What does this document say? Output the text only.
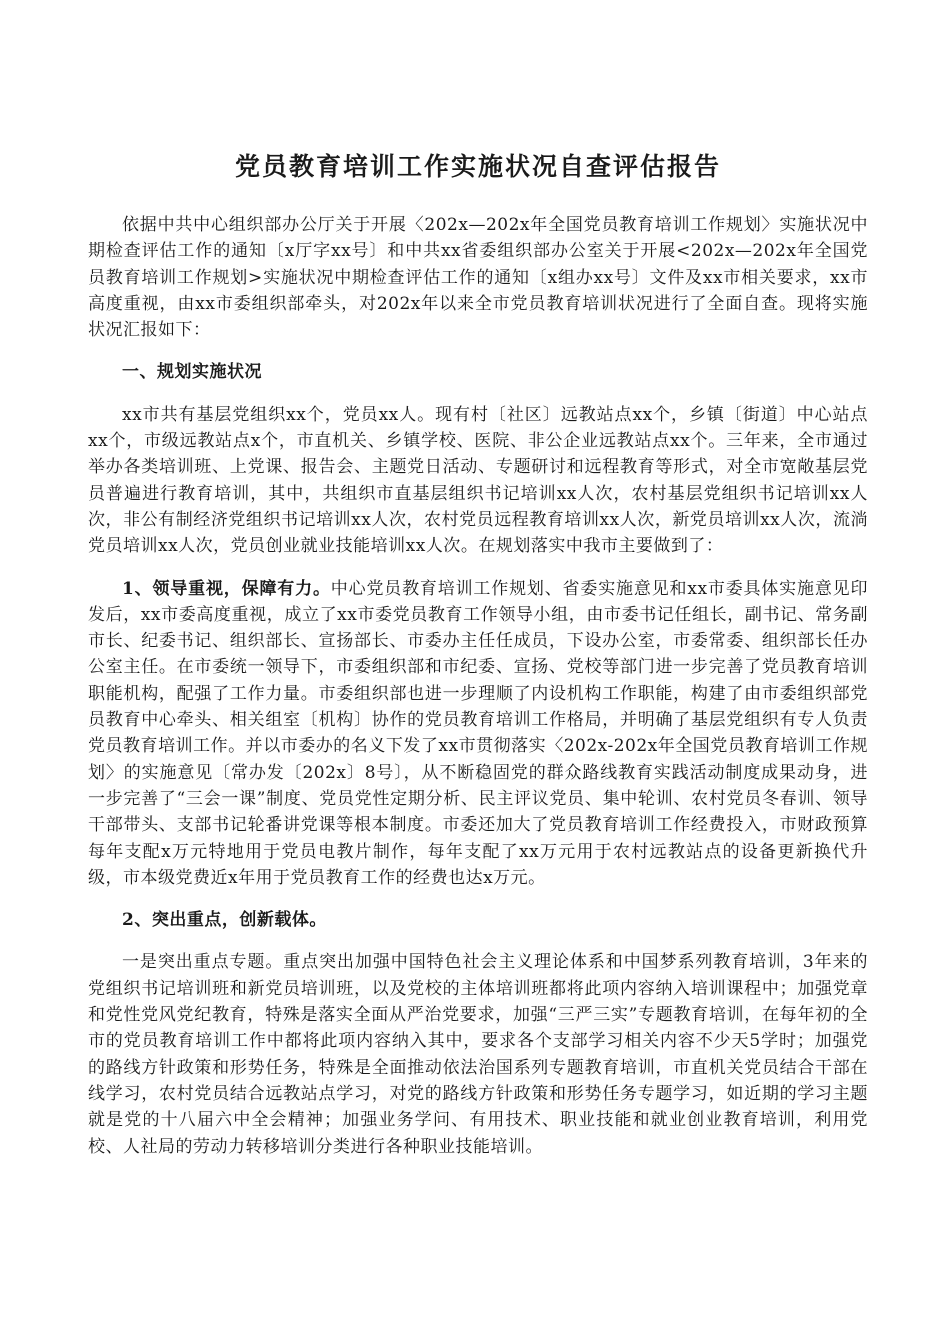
党员教育培训工作实施状况自查评估报告

依据中共中心组织部办公厅关于开展〈202x—202x年全国党员教育培训工作规划〉实施状况中期检查评估工作的通知〔x厅字xx号〕和中共xx省委组织部办公室关于开展<202x—202x年全国党员教育培训工作规划>实施状况中期检查评估工作的通知〔x组办xx号〕文件及xx市相关要求，xx市高度重视，由xx市委组织部牵头，对202x年以来全市党员教育培训状况进行了全面自查。现将实施状况汇报如下：

一、规划实施状况

xx市共有基层党组织xx个，党员xx人。现有村〔社区〕远教站点xx个，乡镇〔街道〕中心站点xx个，市级远教站点x个，市直机关、乡镇学校、医院、非公企业远教站点xx个。三年来，全市通过举办各类培训班、上党课、报告会、主题党日活动、专题研讨和远程教育等形式，对全市宽敞基层党员普遍进行教育培训，其中，共组织市直基层组织书记培训xx人次，农村基层党组织书记培训xx人次，非公有制经济党组织书记培训xx人次，农村党员远程教育培训xx人次，新党员培训xx人次，流淌党员培训xx人次，党员创业就业技能培训xx人次。在规划落实中我市主要做到了：

1、领导重视，保障有力。中心党员教育培训工作规划、省委实施意见和xx市委具体实施意见印发后，xx市委高度重视，成立了xx市委党员教育工作领导小组，由市委书记任组长，副书记、常务副市长、纪委书记、组织部长、宣扬部长、市委办主任任成员，下设办公室，市委常委、组织部长任办公室主任。在市委统一领导下，市委组织部和市纪委、宣扬、党校等部门进一步完善了党员教育培训职能机构，配强了工作力量。市委组织部也进一步理顺了内设机构工作职能，构建了由市委组织部党员教育中心牵头、相关组室〔机构〕协作的党员教育培训工作格局，并明确了基层党组织有专人负责党员教育培训工作。并以市委办的名义下发了xx市贯彻落实〈202x-202x年全国党员教育培训工作规划〉的实施意见〔常办发〔202x〕8号〕，从不断稳固党的群众路线教育实践活动制度成果动身，进一步完善了“三会一课”制度、党员党性定期分析、民主评议党员、集中轮训、农村党员冬春训、领导干部带头、支部书记轮番讲党课等根本制度。市委还加大了党员教育培训工作经费投入，市财政预算每年支配x万元特地用于党员电教片制作，每年支配了xx万元用于农村远教站点的设备更新换代升级，市本级党费近x年用于党员教育工作的经费也达x万元。

2、突出重点，创新载体。

一是突出重点专题。重点突出加强中国特色社会主义理论体系和中国梦系列教育培训，3年来的党组织书记培训班和新党员培训班，以及党校的主体培训班都将此项内容纳入培训课程中；加强党章和党性党风党纪教育，特殊是落实全面从严治党要求，加强“三严三实”专题教育培训，在每年初的全市的党员教育培训工作中都将此项内容纳入其中，要求各个支部学习相关内容不少天5学时；加强党的路线方针政策和形势任务，特殊是全面推动依法治国系列专题教育培训，市直机关党员结合干部在线学习，农村党员结合远教站点学习，对党的路线方针政策和形势任务专题学习，如近期的学习主题就是党的十八届六中全会精神；加强业务学问、有用技术、职业技能和就业创业教育培训，利用党校、人社局的劳动力转移培训分类进行各种职业技能培训。
